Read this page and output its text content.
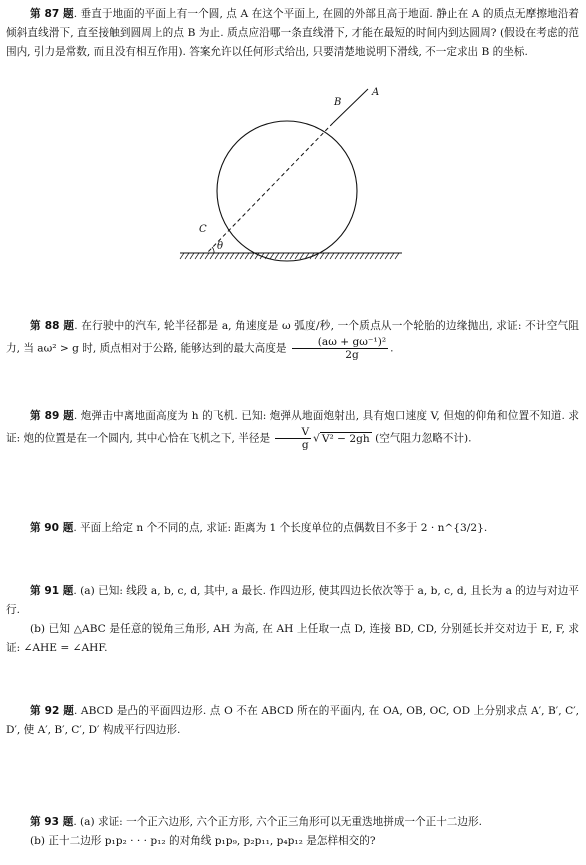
第 87 题. 垂直于地面的平面上有一个圆, 点 A 在这个平面上, 在圆的外部且高于地面. 静止在 A 的质点无摩擦地沿着倾斜直线滑下, 直至接触到圆周上的点 B 为止. 质点应沿哪一条直线滑下, 才能在最短的时间内到达圆周? (假设在考虑的范围内, 引力是常数, 而且没有相互作用). 答案允许以任何形式给出, 只要清楚地说明下滑线, 不一定求出 B 的坐标.

A
B
C
θ

第 88 题. 在行驶中的汽车, 轮半径都是 a, 角速度是 ω 弧度/秒, 一个质点从一个轮胎的边缘抛出, 求证: 不计空气阻力, 当 aω² > g 时, 质点相对于公路, 能够达到的最大高度是 $\frac{\text{(aω + gω⁻¹)²}}{2g}$ .

第 89 题. 炮弹击中离地面高度为 h 的飞机. 已知: 炮弹从地面炮射出, 具有炮口速度 V, 但炮的仰角和位置不知道. 求证: 炮的位置是在一个圆内, 其中心恰在飞机之下, 半径是 $\frac{V}{g}$ √ V² − 2gh (空气阻力忽略不计).

第 90 题. 平面上给定 n 个不同的点, 求证: 距离为 1 个长度单位的点偶数目不多于 2 · n^{3/2}.

第 91 题. (a) 已知: 线段 a, b, c, d, 其中, a 最长. 作四边形, 使其四边长依次等于 a, b, c, d, 且长为 a 的边与对边平行.

(b) 已知 △ABC 是任意的锐角三角形, AH 为高, 在 AH 上任取一点 D, 连接 BD, CD, 分别延长并交对边于 E, F, 求证: ∠AHE = ∠AHF.

第 92 题. ABCD 是凸的平面四边形. 点 O 不在 ABCD 所在的平面内, 在 OA, OB, OC, OD 上分别求点 A′, B′, C′, D′, 使 A′, B′, C′, D′ 构成平行四边形.

第 93 题. (a) 求证: 一个正六边形, 六个正方形, 六个正三角形可以无重迭地拼成一个正十二边形.

(b) 正十二边形 p₁p₂ · · · p₁₂ 的对角线 p₁p₉, p₂p₁₁, p₄p₁₂ 是怎样相交的?
